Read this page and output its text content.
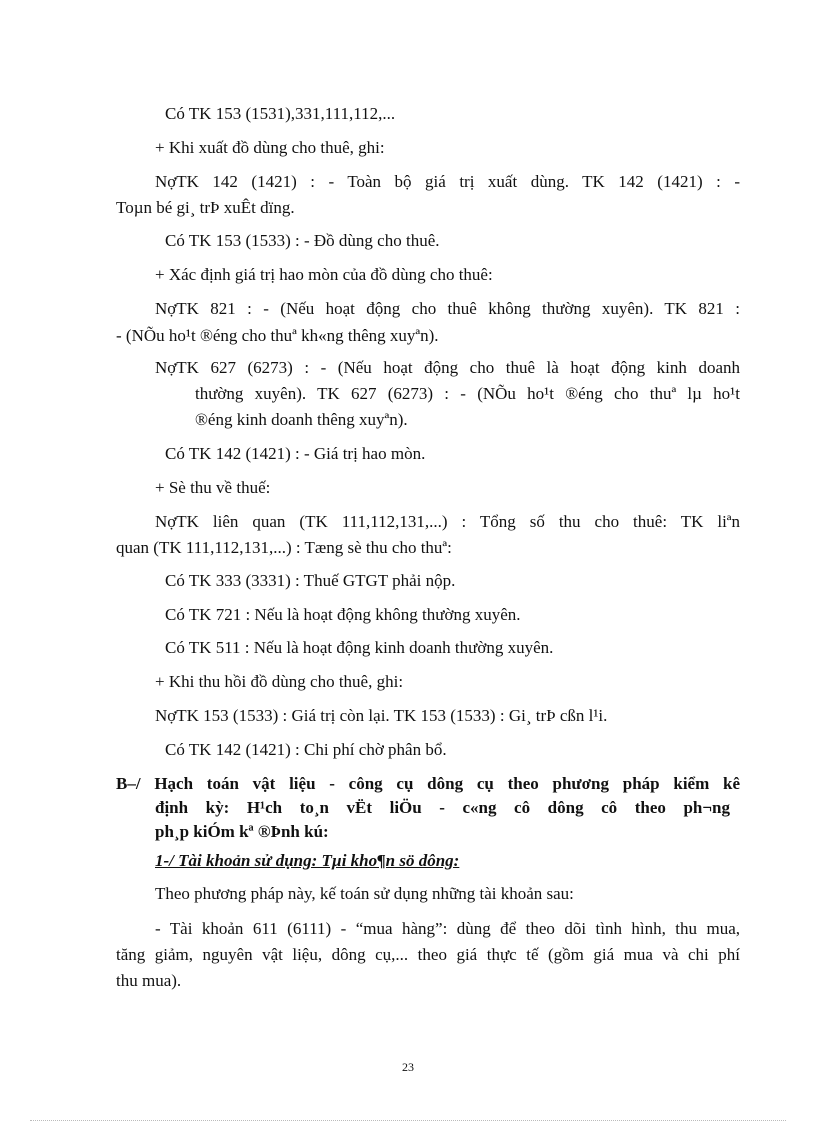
Có TK 153 (1531),331,111,112,...
+ Khi xuất đồ dùng cho thuê, ghi:
NợTK 142 (1421) : - Toàn bộ giá trị xuất dùng. TK 142 (1421) : -
Toµn bé gi¸ trÞ xuÊt dïng.
Có TK 153 (1533) : - Đồ dùng cho thuê.
+ Xác định giá trị hao mòn của đồ dùng cho thuê:
NợTK 821 : - (Nếu hoạt động cho thuê không thường xuyên). TK 821 :
- (NÕu ho¹t ®éng cho thuª kh«ng thêng xuyªn).
NợTK 627 (6273) : - (Nếu hoạt động cho thuê là hoạt động kinh doanh
thường xuyên). TK 627 (6273) : - (NÕu ho¹t ®éng cho thuª lµ ho¹t
®éng kinh doanh thêng xuyªn).
Có TK 142 (1421) : - Giá trị hao mòn.
+ Sè thu về thuế:
NợTK liên quan (TK 111,112,131,...) : Tổng số thu cho thuê: TK liªn
quan (TK 111,112,131,...) : Tæng sè thu cho thuª:
Có TK 333 (3331) : Thuế GTGT phải nộp.
Có TK 721 : Nếu là hoạt động không thường xuyên.
Có TK 511 : Nếu là hoạt động kinh doanh thường xuyên.
+ Khi thu hồi đồ dùng cho thuê, ghi:
NợTK 153 (1533) : Giá trị còn lại. TK 153 (1533) : Gi¸ trÞ cßn l¹i.
Có TK 142 (1421) : Chi phí chờ phân bổ.
B–/ Hạch toán vật liệu - công cụ dông cụ theo phương pháp kiểm kê
định kỳ: H¹ch to¸n vËt liÖu - c«ng cô dông cô theo ph¬ng
ph¸p kiÓm kª ®Þnh kú:
1-/ Tài khoản sử dụng: Tµi kho¶n sö dông:
Theo phương pháp này, kế toán sử dụng những tài khoản sau:
- Tài khoản 611 (6111) - “mua hàng”: dùng để theo dõi tình hình, thu mua,
tăng giảm, nguyên vật liệu, dông cụ,... theo giá thực tế (gồm giá mua và chi phí
thu mua).
23
